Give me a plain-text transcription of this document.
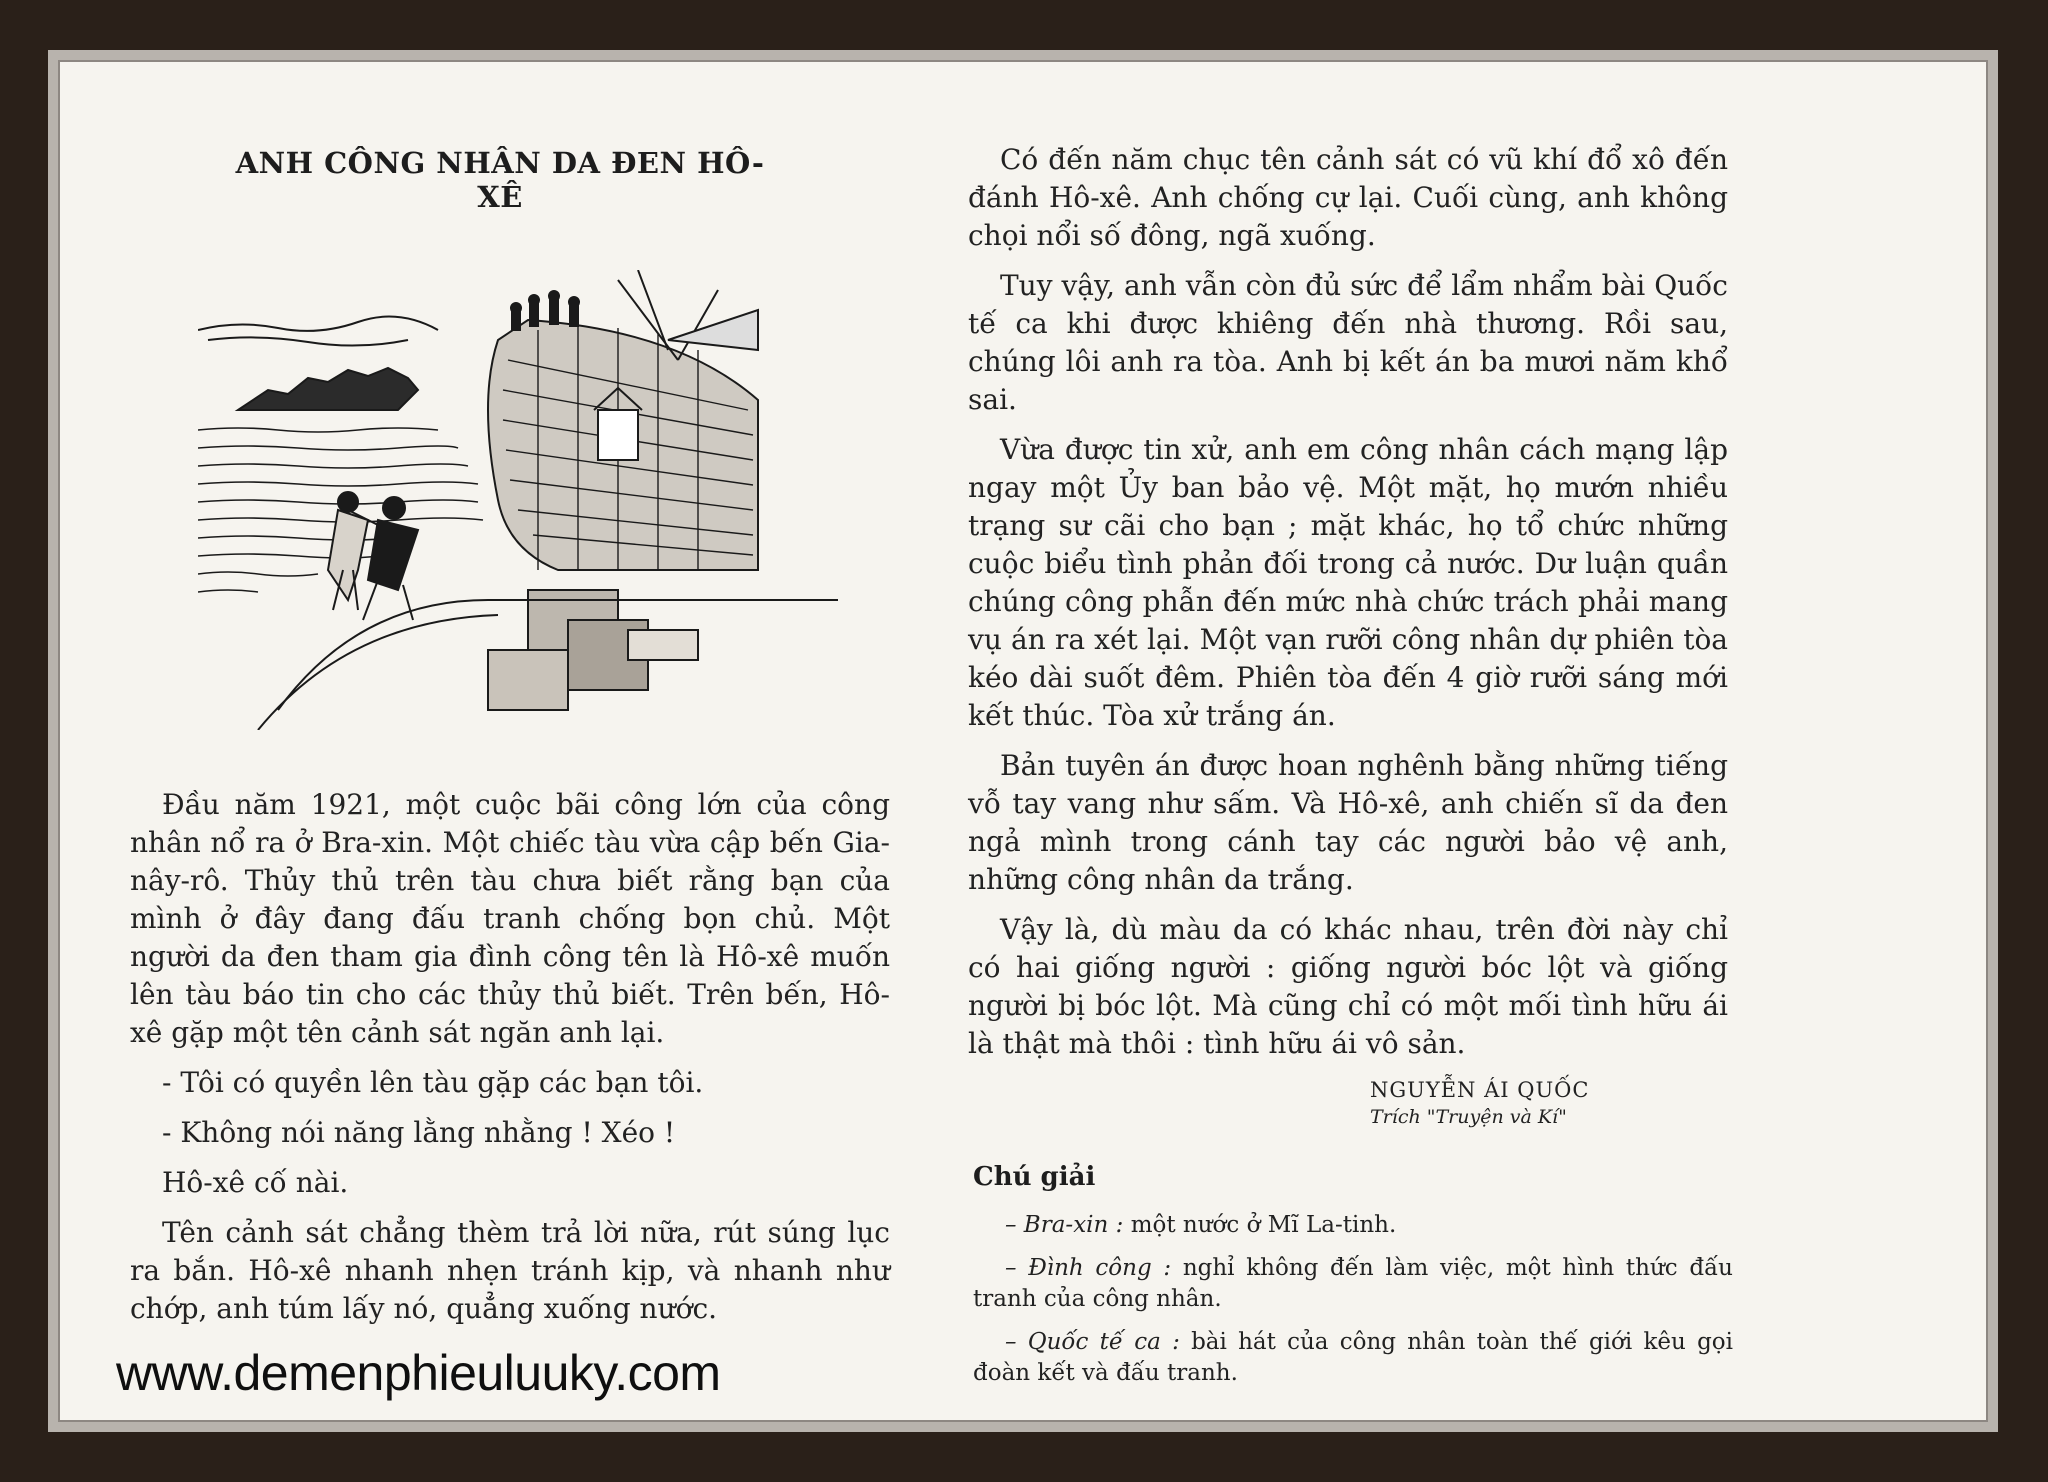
ANH CÔNG NHÂN DA ĐEN HÔ-XÊ

Đầu năm 1921, một cuộc bãi công lớn của công nhân nổ ra ở Bra-xin. Một chiếc tàu vừa cập bến Gia-nây-rô. Thủy thủ trên tàu chưa biết rằng bạn của mình ở đây đang đấu tranh chống bọn chủ. Một người da đen tham gia đình công tên là Hô-xê muốn lên tàu báo tin cho các thủy thủ biết. Trên bến, Hô-xê gặp một tên cảnh sát ngăn anh lại.

- Tôi có quyền lên tàu gặp các bạn tôi.

- Không nói năng lằng nhằng ! Xéo !

Hô-xê cố nài.

Tên cảnh sát chẳng thèm trả lời nữa, rút súng lục ra bắn. Hô-xê nhanh nhẹn tránh kịp, và nhanh như chớp, anh túm lấy nó, quẳng xuống nước.

Có đến năm chục tên cảnh sát có vũ khí đổ xô đến đánh Hô-xê. Anh chống cự lại. Cuối cùng, anh không chọi nổi số đông, ngã xuống.

Tuy vậy, anh vẫn còn đủ sức để lẩm nhẩm bài Quốc tế ca khi được khiêng đến nhà thương. Rồi sau, chúng lôi anh ra tòa. Anh bị kết án ba mươi năm khổ sai.

Vừa được tin xử, anh em công nhân cách mạng lập ngay một Ủy ban bảo vệ. Một mặt, họ mướn nhiều trạng sư cãi cho bạn ; mặt khác, họ tổ chức những cuộc biểu tình phản đối trong cả nước. Dư luận quần chúng công phẫn đến mức nhà chức trách phải mang vụ án ra xét lại. Một vạn rưỡi công nhân dự phiên tòa kéo dài suốt đêm. Phiên tòa đến 4 giờ rưỡi sáng mới kết thúc. Tòa xử trắng án.

Bản tuyên án được hoan nghênh bằng những tiếng vỗ tay vang như sấm. Và Hô-xê, anh chiến sĩ da đen ngả mình trong cánh tay các người bảo vệ anh, những công nhân da trắng.

Vậy là, dù màu da có khác nhau, trên đời này chỉ có hai giống người : giống người bóc lột và giống người bị bóc lột. Mà cũng chỉ có một mối tình hữu ái là thật mà thôi : tình hữu ái vô sản.

NGUYỄN ÁI QUỐC
Trích "Truyện và Kí"
Chú giải
– Bra-xin : một nước ở Mĩ La-tinh.
– Đình công : nghỉ không đến làm việc, một hình thức đấu tranh của công nhân.
– Quốc tế ca : bài hát của công nhân toàn thế giới kêu gọi đoàn kết và đấu tranh.
www.demenphieuluuky.com
